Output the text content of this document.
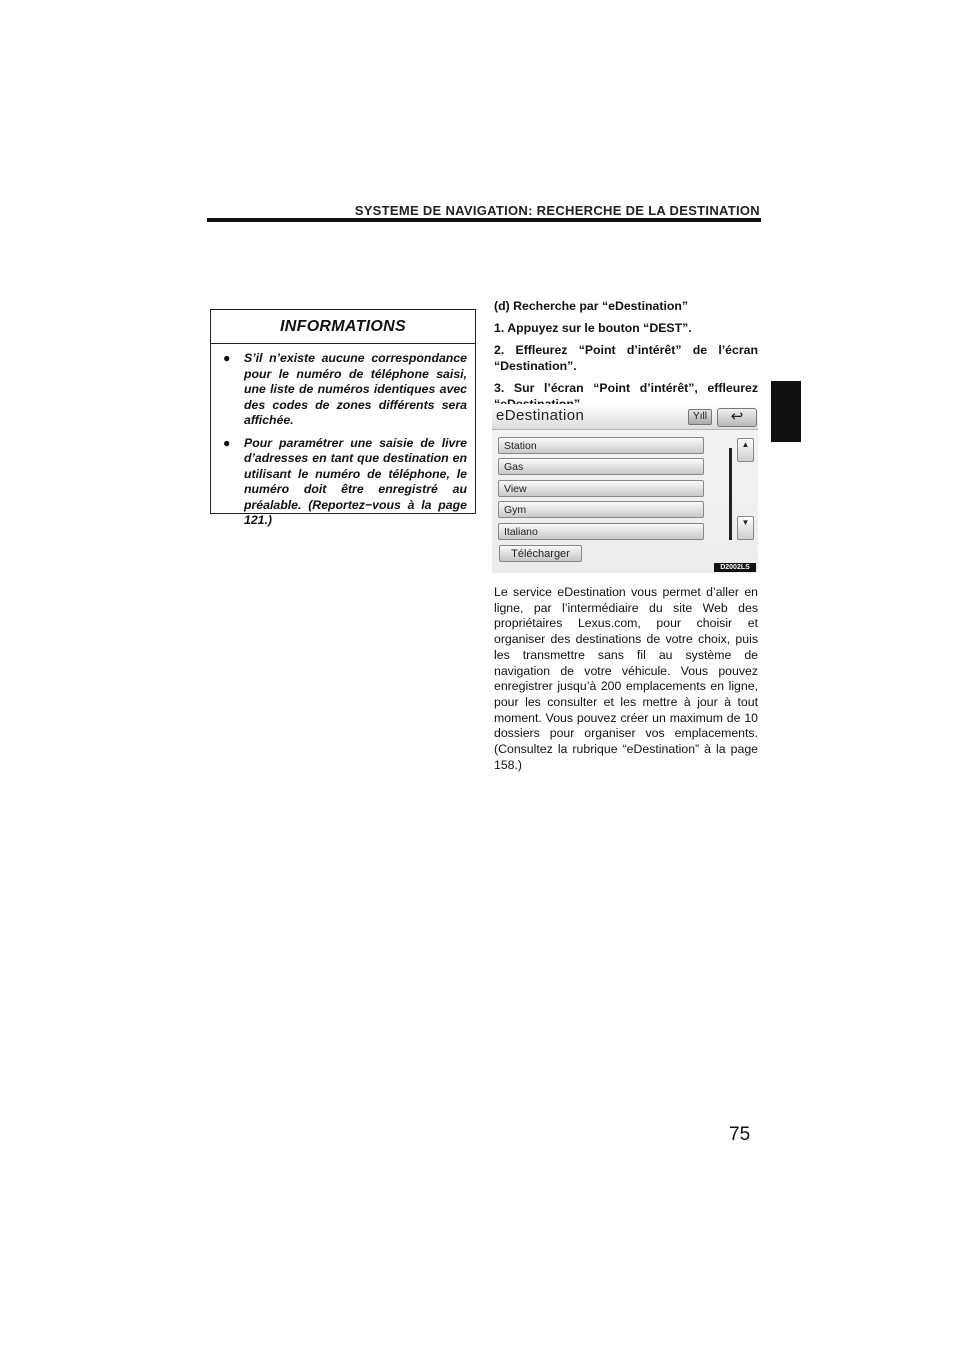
SYSTEME DE NAVIGATION: RECHERCHE DE LA DESTINATION
INFORMATIONS
● S’il n’existe aucune correspondance pour le numéro de téléphone saisi, une liste de numéros identiques avec des codes de zones différents sera affichée.
● Pour paramétrer une saisie de livre d’adresses en tant que destination en utilisant le numéro de téléphone, le numéro doit être enregistré au préalable. (Reportez−vous à la page 121.)
(d) Recherche par “eDestination”
1. Appuyez sur le bouton “DEST”.
2. Effleurez “Point d’intérêt” de l’écran “Destination”.
3. Sur l’écran “Point d’intérêt”, effleurez
eDestination	Yıll	↩
Station
Gas
View
Gym
Italiano
▲
▼
Télécharger
D2002LS
Le service eDestination vous permet d’aller en ligne, par l’intermédiaire du site Web des propriétaires Lexus.com, pour choisir et organiser des destinations de votre choix, puis les transmettre sans fil au système de navigation de votre véhicule. Vous pouvez enregistrer jusqu’à 200 emplacements en ligne, pour les consulter et les mettre à jour à tout moment. Vous pouvez créer un maximum de 10 dossiers pour organiser vos emplacements. (Consultez la rubrique “eDestination” à la page 158.)
75
